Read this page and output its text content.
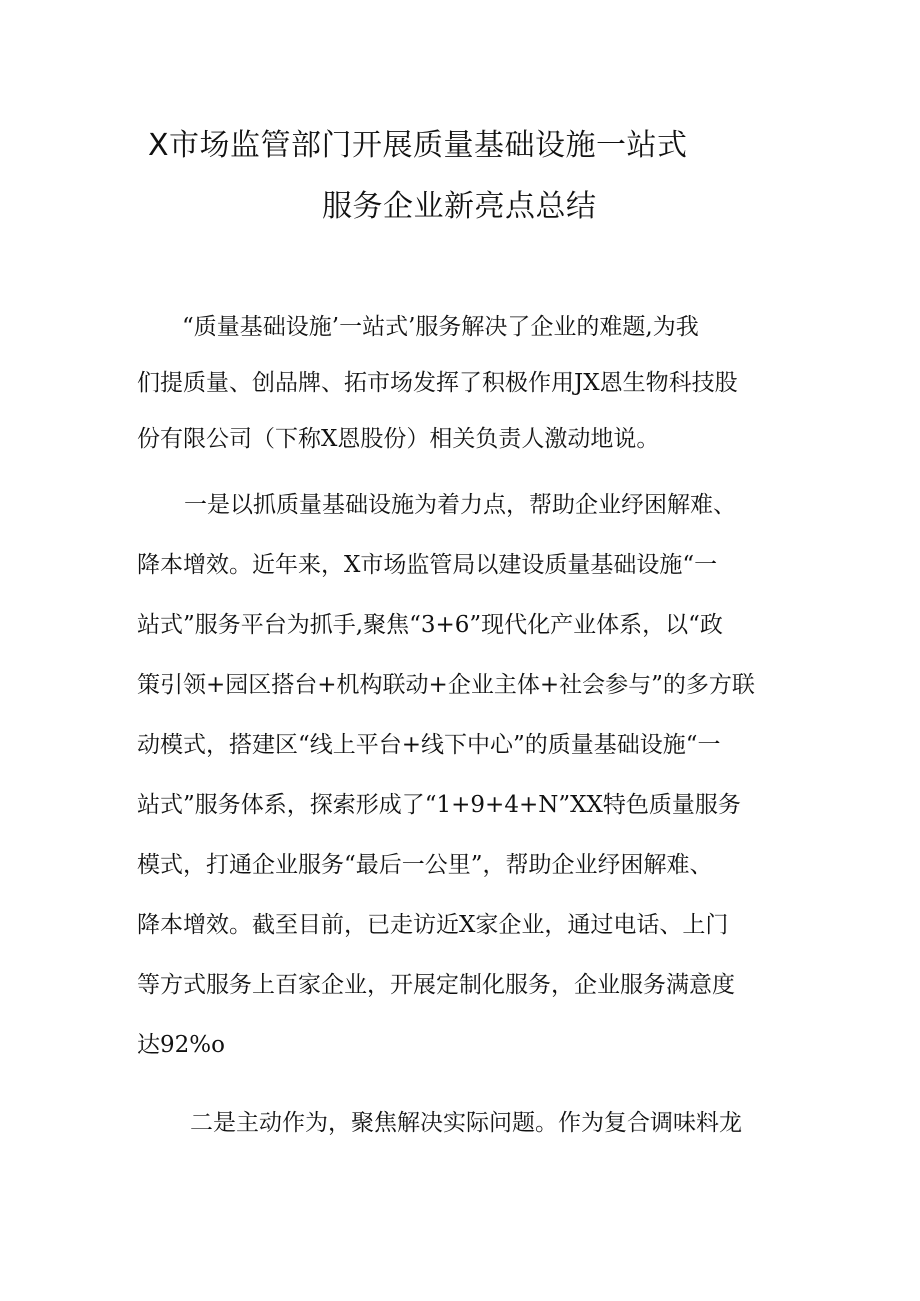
X市场监管部门开展质量基础设施一站式
服务企业新亮点总结
“质量基础设施’一站式’服务解决了企业的难题,为我
们提质量、创品牌、拓市场发挥了积极作用JX恩生物科技股
份有限公司（下称X恩股份）相关负责人激动地说。
一是以抓质量基础设施为着力点，帮助企业纾困解难、
降本增效。近年来，X市场监管局以建设质量基础设施“一
站式”服务平台为抓手,聚焦“3+6”现代化产业体系，以“政
策引领+园区搭台+机构联动+企业主体+社会参与”的多方联
动模式，搭建区“线上平台+线下中心”的质量基础设施“一
站式”服务体系，探索形成了“1+9+4+N”XX特色质量服务
模式，打通企业服务“最后一公里”，帮助企业纾困解难、
降本增效。截至目前，已走访近X家企业，通过电话、上门
等方式服务上百家企业，开展定制化服务，企业服务满意度
达92%o
二是主动作为，聚焦解决实际问题。作为复合调味料龙
